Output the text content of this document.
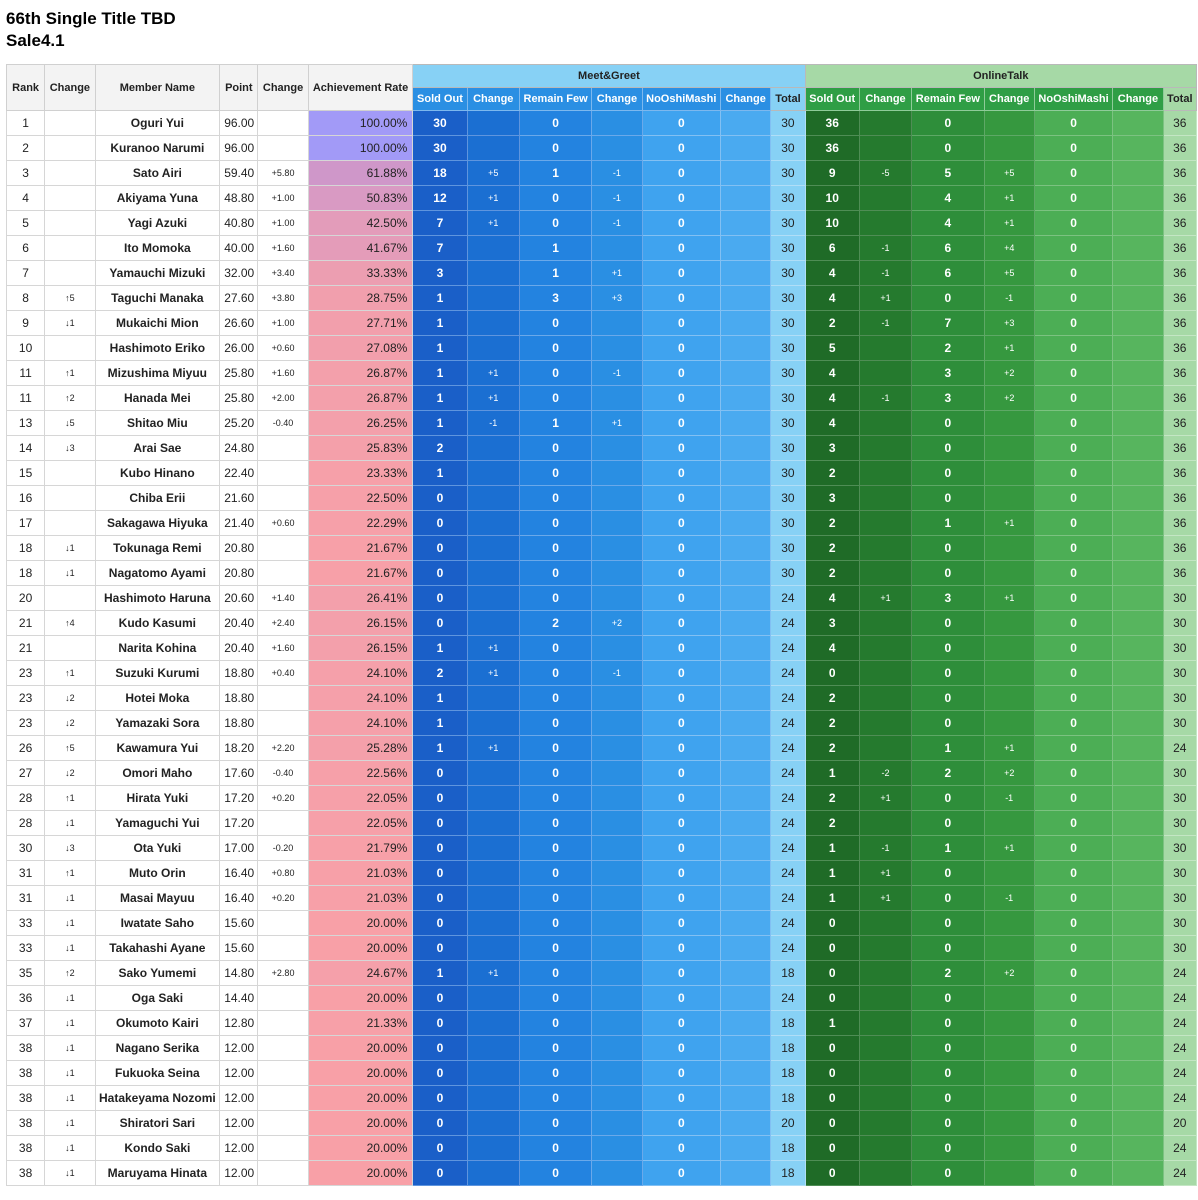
66th Single Title TBD
Sale4.1
Rank	Change	Member Name	Point	Change	Achievement Rate	Meet&Greet							OnlineTalk						
						Sold Out	Change	Remain Few	Change	NoOshiMashi	Change	Total	Sold Out	Change	Remain Few	Change	NoOshiMashi	Change	Total
1		Oguri Yui	96.00		100.00%	30		0		0		30	36		0		0		36
2		Kuranoo Narumi	96.00		100.00%	30		0		0		30	36		0		0		36
3		Sato Airi	59.40	+5.80	61.88%	18	+5	1	-1	0		30	9	-5	5	+5	0		36
4		Akiyama Yuna	48.80	+1.00	50.83%	12	+1	0	-1	0		30	10		4	+1	0		36
5		Yagi Azuki	40.80	+1.00	42.50%	7	+1	0	-1	0		30	10		4	+1	0		36
6		Ito Momoka	40.00	+1.60	41.67%	7		1		0		30	6	-1	6	+4	0		36
7		Yamauchi Mizuki	32.00	+3.40	33.33%	3		1	+1	0		30	4	-1	6	+5	0		36
8	↑5	Taguchi Manaka	27.60	+3.80	28.75%	1		3	+3	0		30	4	+1	0	-1	0		36
9	↓1	Mukaichi Mion	26.60	+1.00	27.71%	1		0		0		30	2	-1	7	+3	0		36
10		Hashimoto Eriko	26.00	+0.60	27.08%	1		0		0		30	5		2	+1	0		36
11	↑1	Mizushima Miyuu	25.80	+1.60	26.87%	1	+1	0	-1	0		30	4		3	+2	0		36
11	↑2	Hanada Mei	25.80	+2.00	26.87%	1	+1	0		0		30	4	-1	3	+2	0		36
13	↓5	Shitao Miu	25.20	-0.40	26.25%	1	-1	1	+1	0		30	4		0		0		36
14	↓3	Arai Sae	24.80		25.83%	2		0		0		30	3		0		0		36
15		Kubo Hinano	22.40		23.33%	1		0		0		30	2		0		0		36
16		Chiba Erii	21.60		22.50%	0		0		0		30	3		0		0		36
17		Sakagawa Hiyuka	21.40	+0.60	22.29%	0		0		0		30	2		1	+1	0		36
18	↓1	Tokunaga Remi	20.80		21.67%	0		0		0		30	2		0		0		36
18	↓1	Nagatomo Ayami	20.80		21.67%	0		0		0		30	2		0		0		36
20		Hashimoto Haruna	20.60	+1.40	26.41%	0		0		0		24	4	+1	3	+1	0		30
21	↑4	Kudo Kasumi	20.40	+2.40	26.15%	0		2	+2	0		24	3		0		0		30
21		Narita Kohina	20.40	+1.60	26.15%	1	+1	0		0		24	4		0		0		30
23	↑1	Suzuki Kurumi	18.80	+0.40	24.10%	2	+1	0	-1	0		24	0		0		0		30
23	↓2	Hotei Moka	18.80		24.10%	1		0		0		24	2		0		0		30
23	↓2	Yamazaki Sora	18.80		24.10%	1		0		0		24	2		0		0		30
26	↑5	Kawamura Yui	18.20	+2.20	25.28%	1	+1	0		0		24	2		1	+1	0		24
27	↓2	Omori Maho	17.60	-0.40	22.56%	0		0		0		24	1	-2	2	+2	0		30
28	↑1	Hirata Yuki	17.20	+0.20	22.05%	0		0		0		24	2	+1	0	-1	0		30
28	↓1	Yamaguchi Yui	17.20		22.05%	0		0		0		24	2		0		0		30
30	↓3	Ota Yuki	17.00	-0.20	21.79%	0		0		0		24	1	-1	1	+1	0		30
31	↑1	Muto Orin	16.40	+0.80	21.03%	0		0		0		24	1	+1	0		0		30
31	↓1	Masai Mayuu	16.40	+0.20	21.03%	0		0		0		24	1	+1	0	-1	0		30
33	↓1	Iwatate Saho	15.60		20.00%	0		0		0		24	0		0		0		30
33	↓1	Takahashi Ayane	15.60		20.00%	0		0		0		24	0		0		0		30
35	↑2	Sako Yumemi	14.80	+2.80	24.67%	1	+1	0		0		18	0		2	+2	0		24
36	↓1	Oga Saki	14.40		20.00%	0		0		0		24	0		0		0		24
37	↓1	Okumoto Kairi	12.80		21.33%	0		0		0		18	1		0		0		24
38	↓1	Nagano Serika	12.00		20.00%	0		0		0		18	0		0		0		24
38	↓1	Fukuoka Seina	12.00		20.00%	0		0		0		18	0		0		0		24
38	↓1	Hatakeyama Nozomi	12.00		20.00%	0		0		0		18	0		0		0		24
38	↓1	Shiratori Sari	12.00		20.00%	0		0		0		20	0		0		0		20
38	↓1	Kondo Saki	12.00		20.00%	0		0		0		18	0		0		0		24
38	↓1	Maruyama Hinata	12.00		20.00%	0		0		0		18	0		0		0		24
